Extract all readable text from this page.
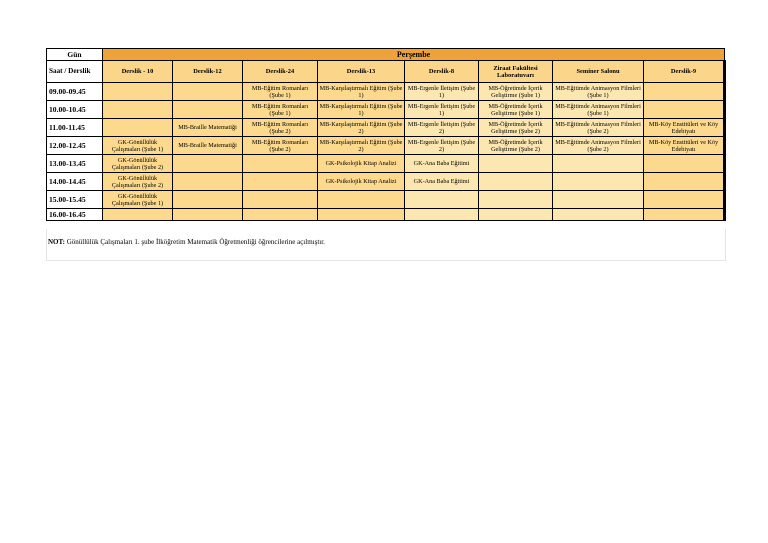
Gün	Perşembe							
Saat / Derslik	Derslik - 10	Derslik-12	Derslik-24	Derslik-13	Derslik-8	Ziraat Fakültesi Laboratuvarı	Seminer Salonu	Derslik-9
09.00-09.45			MB-Eğitim Romanları (Şube 1)	MB-Karşılaştırmalı Eğitim (Şube 1)	MB-Ergenle İletişim (Şube 1)	MB-Öğretimde İçerik Geliştirme (Şube 1)	MB-Eğitimde Animasyon Filmleri (Şube 1)	
10.00-10.45			MB-Eğitim Romanları (Şube 1)	MB-Karşılaştırmalı Eğitim (Şube 1)	MB-Ergenle İletişim (Şube 1)	MB-Öğretimde İçerik Geliştirme (Şube 1)	MB-Eğitimde Animasyon Filmleri (Şube 1)	
11.00-11.45		MB-Braille Matematiği	MB-Eğitim Romanları (Şube 2)	MB-Karşılaştırmalı Eğitim (Şube 2)	MB-Ergenle İletişim (Şube 2)	MB-Öğretimde İçerik Geliştirme (Şube 2)	MB-Eğitimde Animasyon Filmleri (Şube 2)	MB-Köy Enstitüleri ve Köy Edebiyatı
12.00-12.45	GK-Gönüllülük Çalışmaları (Şube 1)	MB-Braille Matematiği	MB-Eğitim Romanları (Şube 2)	MB-Karşılaştırmalı Eğitim (Şube 2)	MB-Ergenle İletişim (Şube 2)	MB-Öğretimde İçerik Geliştirme (Şube 2)	MB-Eğitimde Animasyon Filmleri (Şube 2)	MB-Köy Enstitüleri ve Köy Edebiyatı
13.00-13.45	GK-Gönüllülük Çalışmaları (Şube 2)			GK-Psikolojik Kitap Analizi	GK-Ana Baba Eğitimi			
14.00-14.45	GK-Gönüllülük Çalışmaları (Şube 2)			GK-Psikolojik Kitap Analizi	GK-Ana Baba Eğitimi			
15.00-15.45	GK-Gönüllülük Çalışmaları (Şube 1)							
16.00-16.45								
NOT: Gönüllülük Çalışmaları 1. şube İlköğretim Matematik Öğretmenliği öğrencilerine açılmıştır.
